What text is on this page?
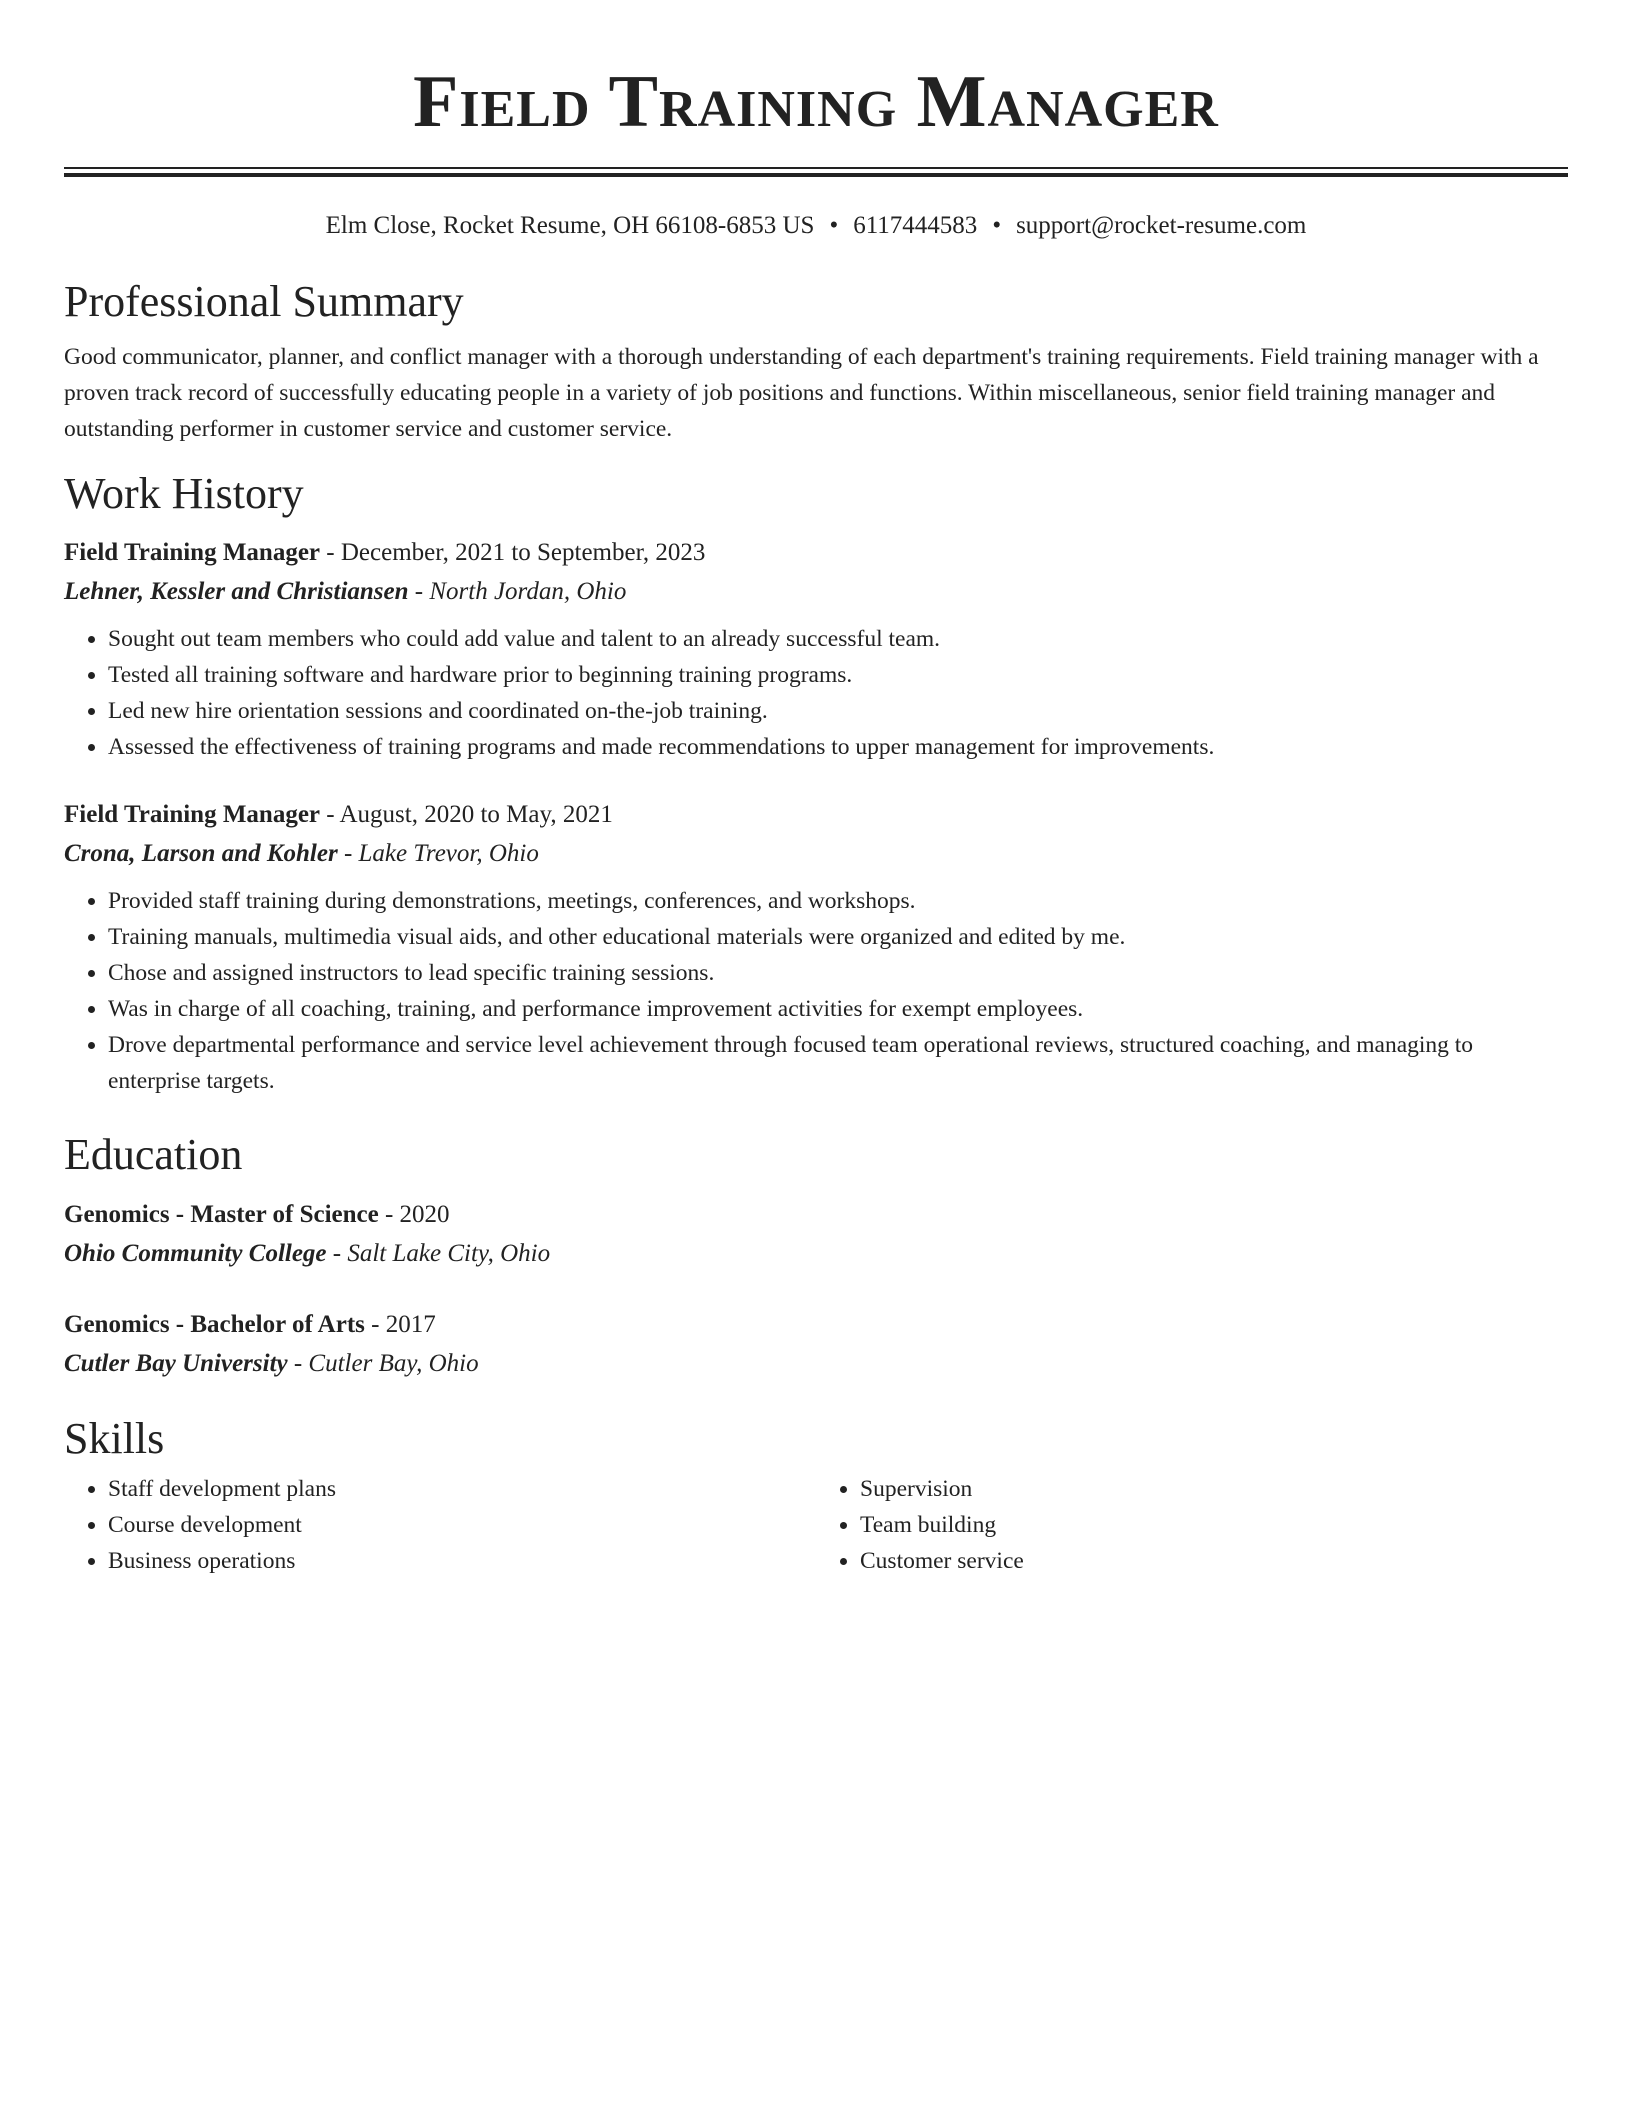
Field Training Manager
Elm Close, Rocket Resume, OH 66108-6853 US • 6117444583 • support@rocket-resume.com
Professional Summary
Good communicator, planner, and conflict manager with a thorough understanding of each department's training requirements. Field training manager with a proven track record of successfully educating people in a variety of job positions and functions. Within miscellaneous, senior field training manager and outstanding performer in customer service and customer service.
Work History
Field Training Manager - December, 2021 to September, 2023
Lehner, Kessler and Christiansen - North Jordan, Ohio
• Sought out team members who could add value and talent to an already successful team.
• Tested all training software and hardware prior to beginning training programs.
• Led new hire orientation sessions and coordinated on-the-job training.
• Assessed the effectiveness of training programs and made recommendations to upper management for improvements.
Field Training Manager - August, 2020 to May, 2021
Crona, Larson and Kohler - Lake Trevor, Ohio
• Provided staff training during demonstrations, meetings, conferences, and workshops.
• Training manuals, multimedia visual aids, and other educational materials were organized and edited by me.
• Chose and assigned instructors to lead specific training sessions.
• Was in charge of all coaching, training, and performance improvement activities for exempt employees.
• Drove departmental performance and service level achievement through focused team operational reviews, structured coaching, and managing to enterprise targets.
Education
Genomics - Master of Science - 2020
Ohio Community College - Salt Lake City, Ohio
Genomics - Bachelor of Arts - 2017
Cutler Bay University - Cutler Bay, Ohio
Skills
• Staff development plans
• Course development
• Business operations
• Supervision
• Team building
• Customer service
